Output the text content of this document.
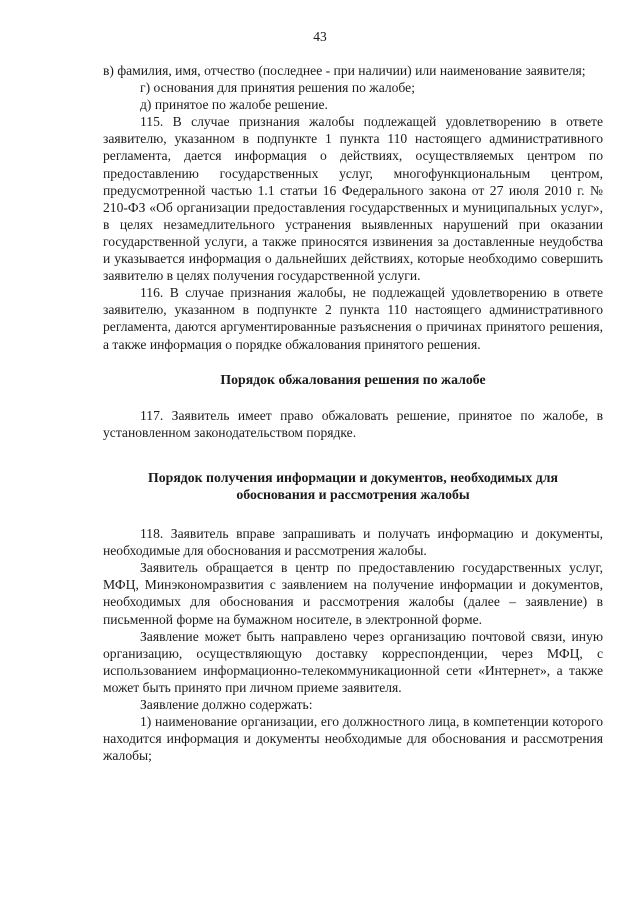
43

в) фамилия, имя, отчество (последнее - при наличии) или наименование заявителя;

г) основания для принятия решения по жалобе;

д) принятое по жалобе решение.

115. В случае признания жалобы подлежащей удовлетворению в ответе заявителю, указанном в подпункте 1 пункта 110 настоящего административного регламента, дается информация о действиях, осуществляемых центром по предоставлению государственных услуг, многофункциональным центром, предусмотренной частью 1.1 статьи 16 Федерального закона от 27 июля 2010 г. № 210-ФЗ «Об организации предоставления государственных и муниципальных услуг», в целях незамедлительного устранения выявленных нарушений при оказании государственной услуги, а также приносятся извинения за доставленные неудобства и указывается информация о дальнейших действиях, которые необходимо совершить заявителю в целях получения государственной услуги.

116. В случае признания жалобы, не подлежащей удовлетворению в ответе заявителю, указанном в подпункте 2 пункта 110 настоящего административного регламента, даются аргументированные разъяснения о причинах принятого решения, а также информация о порядке обжалования принятого решения.

Порядок обжалования решения по жалобе

117. Заявитель имеет право обжаловать решение, принятое по жалобе, в установленном законодательством порядке.

Порядок получения информации и документов, необходимых для

обоснования и рассмотрения жалобы

118. Заявитель вправе запрашивать и получать информацию и документы, необходимые для обоснования и рассмотрения жалобы.

Заявитель обращается в центр по предоставлению государственных услуг, МФЦ, Минэкономразвития с заявлением на получение информации и документов, необходимых для обоснования и рассмотрения жалобы (далее – заявление) в письменной форме на бумажном носителе, в электронной форме.

Заявление может быть направлено через организацию почтовой связи, иную организацию, осуществляющую доставку корреспонденции, через МФЦ, с использованием информационно-телекоммуникационной сети «Интернет», а также может быть принято при личном приеме заявителя.

Заявление должно содержать:

1) наименование организации, его должностного лица, в компетенции которого находится информация и документы необходимые для обоснования и рассмотрения жалобы;
